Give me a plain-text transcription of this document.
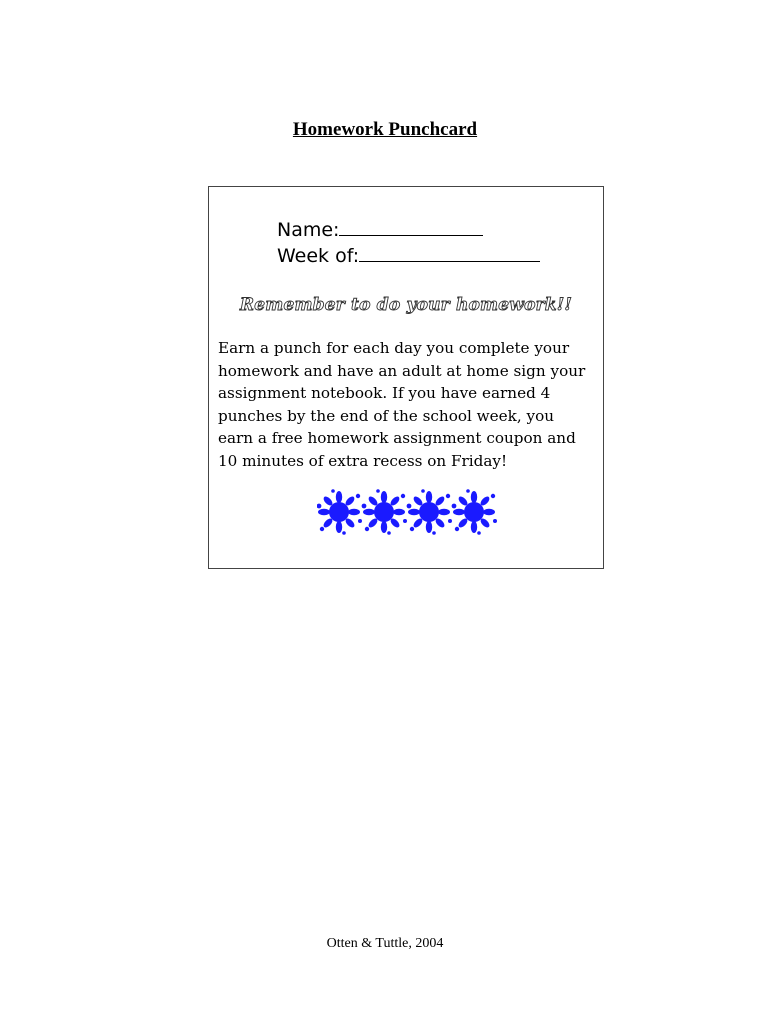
Homework Punchcard
Name:
Week of:
Remember to do your homework!!
Earn a punch for each day you complete your
homework and have an adult at home sign your
assignment notebook. If you have earned 4
punches by the end of the school week, you
earn a free homework assignment coupon and
10 minutes of extra recess on Friday!
Otten & Tuttle, 2004
